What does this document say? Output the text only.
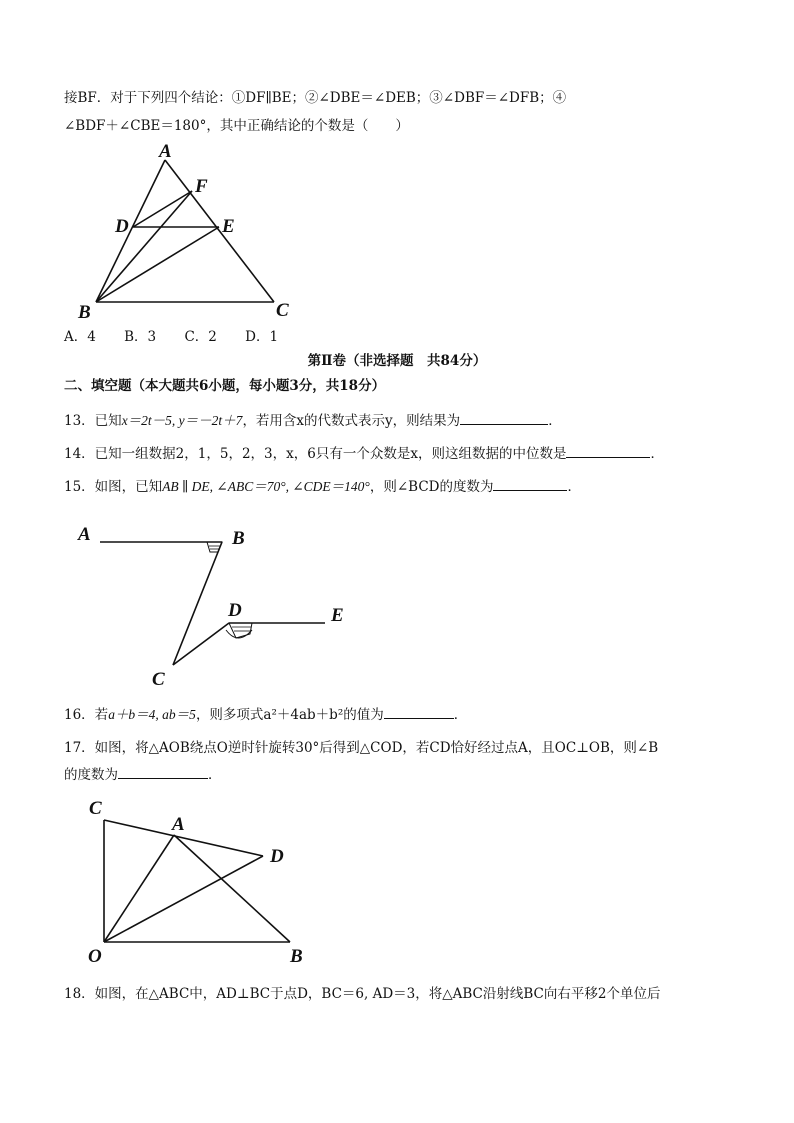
接BF．对于下列四个结论：①DF∥BE；②∠DBE＝∠DEB；③∠DBF＝∠DFB；④
∠BDF＋∠CBE＝180°，其中正确结论的个数是（　　）
A
F
D	E
B	C
A．4 B．3 C．2 D．1
第Ⅱ卷（非选择题　共84分）
二、填空题（本大题共6小题，每小题3分，共18分）
13．已知x＝2t－5, y＝－2t＋7，若用含x的代数式表示y，则结果为	．
14．已知一组数据2，1，5，2，3，x，6只有一个众数是x，则这组数据的中位数是	．
15．如图，已知AB ∥ DE, ∠ABC＝70°, ∠CDE＝140°，则∠BCD的度数为	．
A	B
D	E
C
16．若a＋b＝4, ab＝5，则多项式a²＋4ab＋b²的值为	．
17．如图，将△AOB绕点O逆时针旋转30°后得到△COD，若CD恰好经过点A，且OC⊥OB，则∠B
的度数为	．
C
A
D
O	B
18．如图，在△ABC中，AD⊥BC于点D，BC＝6, AD＝3，将△ABC沿射线BC向右平移2个单位后
